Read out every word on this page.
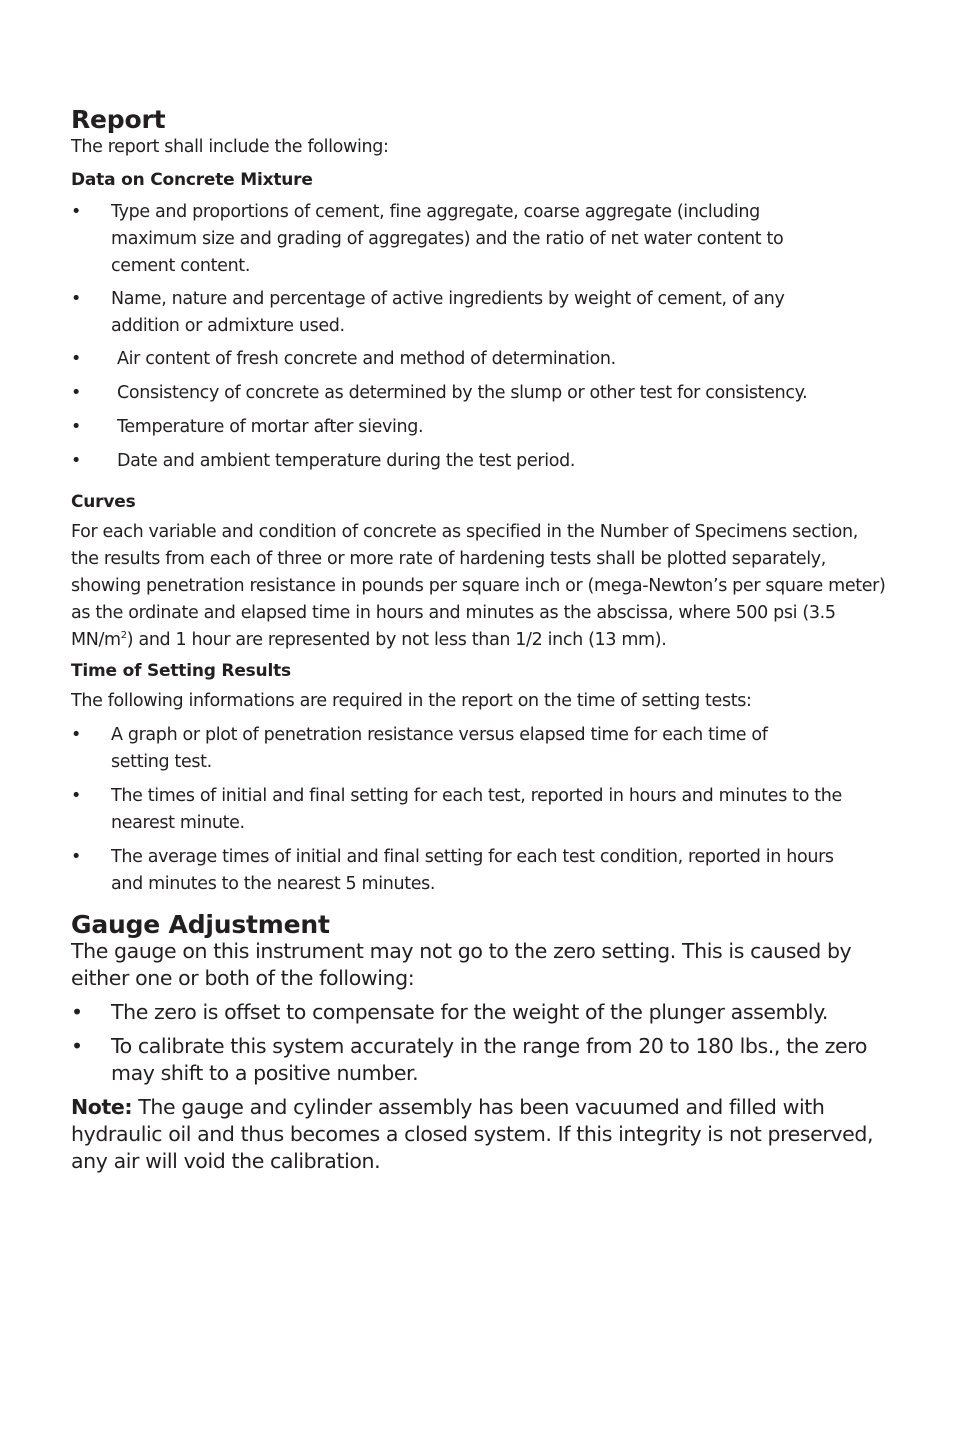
Report

The report shall include the following:

Data on Concrete Mixture
• Type and proportions of cement, fine aggregate, coarse aggregate (including maximum size and grading of aggregates) and the ratio of net water content to cement content.
• Name, nature and percentage of active ingredients by weight of cement, of any addition or admixture used.
• Air content of fresh concrete and method of determination.
• Consistency of concrete as determined by the slump or other test for consistency.
• Temperature of mortar after sieving.
• Date and ambient temperature during the test period.
Curves

For each variable and condition of concrete as specified in the Number of Specimens section, the results from each of three or more rate of hardening tests shall be plotted separately, showing penetration resistance in pounds per square inch or (mega-Newton’s per square meter) as the ordinate and elapsed time in hours and minutes as the abscissa, where 500 psi (3.5 $MN/m^2$) and 1 hour are represented by not less than 1/2 inch (13 mm).

Time of Setting Results

The following informations are required in the report on the time of setting tests:

• A graph or plot of penetration resistance versus elapsed time for each time of setting test.
• The times of initial and final setting for each test, reported in hours and minutes to the nearest minute.
• The average times of initial and final setting for each test condition, reported in hours and minutes to the nearest 5 minutes.
Gauge Adjustment

The gauge on this instrument may not go to the zero setting. This is caused by either one or both of the following:

• The zero is offset to compensate for the weight of the plunger assembly.
• To calibrate this system accurately in the range from 20 to 180 lbs., the zero may shift to a positive number.

Note: The gauge and cylinder assembly has been vacuumed and filled with hydraulic oil and thus becomes a closed system. If this integrity is not preserved, any air will void the calibration.
